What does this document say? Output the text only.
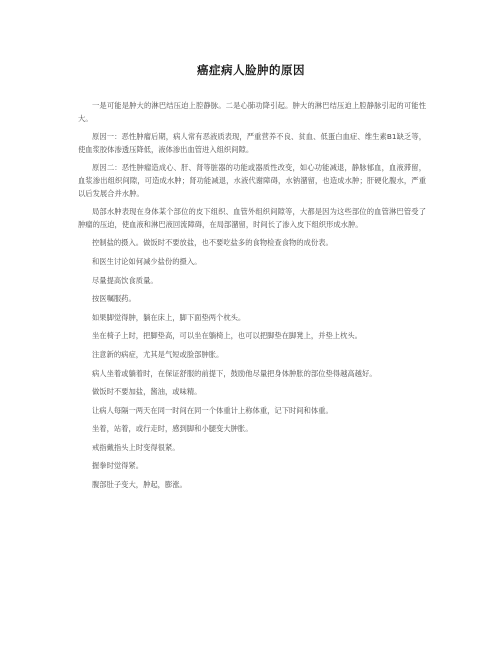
癌症病人脸肿的原因

一是可能是肿大的淋巴结压迫上腔静脉。二是心肺功降引起。肿大的淋巴结压迫上腔静脉引起的可能性大。

原因一：恶性肿瘤后期，病人常有恶液质表现，严重营养不良、贫血、低蛋白血症、维生素B1缺乏等，使血浆胶体渗透压降低，液体渗出血管进入组织间隙。

原因二：恶性肿瘤造成心、肝、肾等脏器的功能或器质性改变，如心功能减退，静脉郁血，血液滞留，血浆渗出组织间隙，可造成水肿；肾功能减退，水液代谢障碍，水钠潴留，也造成水肿；肝硬化腹水，严重以后发展合并水肿。

局部水肿表现在身体某个部位的皮下组织、血管外组织间隙等，大都是因为这些部位的血管淋巴管受了肿瘤的压迫，使血液和淋巴液回流障碍，在局部潴留，时间长了渗入皮下组织形成水肿。

控制盐的摄入。做饭时不要放盐，也不要吃盐多的食物检查食物的成份表。

和医生讨论如何减少盐份的摄入。

尽量提高饮食质量。

按医嘱服药。

如果脚觉得肿，躺在床上，脚下面垫两个枕头。

坐在椅子上时，把脚垫高，可以坐在躺椅上，也可以把脚垫在脚凳上，并垫上枕头。

注意新的病症，尤其是气短或脸部肿胀。

病人坐着或躺着时，在保证舒服的前提下，鼓励他尽量把身体肿胀的部位垫得越高越好。

做饭时不要加盐，酱油，或味精。

让病人每隔一两天在同一时间在同一个体重计上称体重，记下时间和体重。

坐着，站着，或行走时，感到脚和小腿变大肿胀。

戒指戴指头上时变得很紧。

握拳时觉得紧。

腹部肚子变大，肿起，膨涨。
